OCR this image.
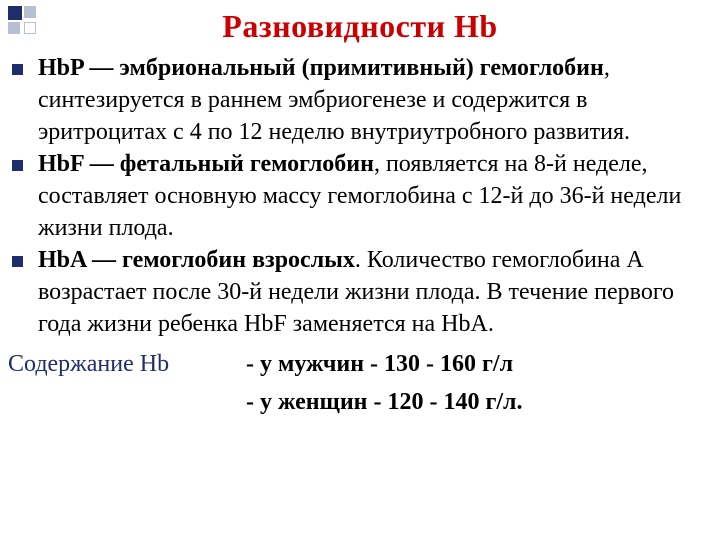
Разновидности Hb

HbP — эмбриональный (примитивный) гемоглобин, синтезируется в раннем эмбриогенезе и содержится в эритроцитах с 4 по 12 неделю внутриутробного развития.

HbF — фетальный гемоглобин, появляется на 8-й неделе, составляет основную массу гемоглобина с 12-й до 36-й недели жизни плода.

HbA — гемоглобин взрослых. Количество гемоглобина А возрастает после 30-й недели жизни плода. В течение первого года жизни ребенка HbF заменяется на HbA.

Содержание Hb	- у мужчин - 130 - 160 г/л
- у женщин - 120 - 140 г/л.
